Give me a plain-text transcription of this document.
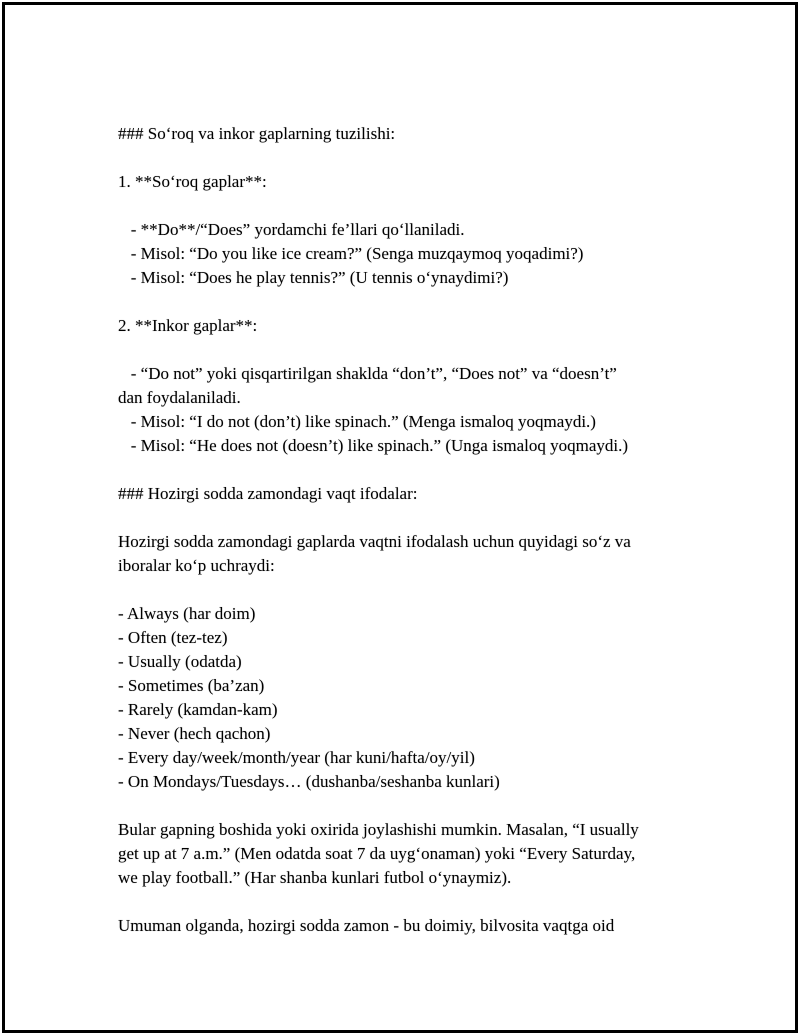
### So‘roq va inkor gaplarning tuzilishi:
1. **So‘roq gaplar**:
- **Do**/“Does” yordamchi fe’llari qo‘llaniladi.
- Misol: “Do you like ice cream?” (Senga muzqaymoq yoqadimi?)
- Misol: “Does he play tennis?” (U tennis o‘ynaydimi?)
2. **Inkor gaplar**:
- “Do not” yoki qisqartirilgan shaklda “don’t”, “Does not” va “doesn’t”
dan foydalaniladi.
- Misol: “I do not (don’t) like spinach.” (Menga ismaloq yoqmaydi.)
- Misol: “He does not (doesn’t) like spinach.” (Unga ismaloq yoqmaydi.)
### Hozirgi sodda zamondagi vaqt ifodalar:
Hozirgi sodda zamondagi gaplarda vaqtni ifodalash uchun quyidagi so‘z va
iboralar ko‘p uchraydi:
- Always (har doim)
- Often (tez-tez)
- Usually (odatda)
- Sometimes (ba’zan)
- Rarely (kamdan-kam)
- Never (hech qachon)
- Every day/week/month/year (har kuni/hafta/oy/yil)
- On Mondays/Tuesdays… (dushanba/seshanba kunlari)
Bular gapning boshida yoki oxirida joylashishi mumkin. Masalan, “I usually
get up at 7 a.m.” (Men odatda soat 7 da uyg‘onaman) yoki “Every Saturday,
we play football.” (Har shanba kunlari futbol o‘ynaymiz).
Umuman olganda, hozirgi sodda zamon - bu doimiy, bilvosita vaqtga oid
